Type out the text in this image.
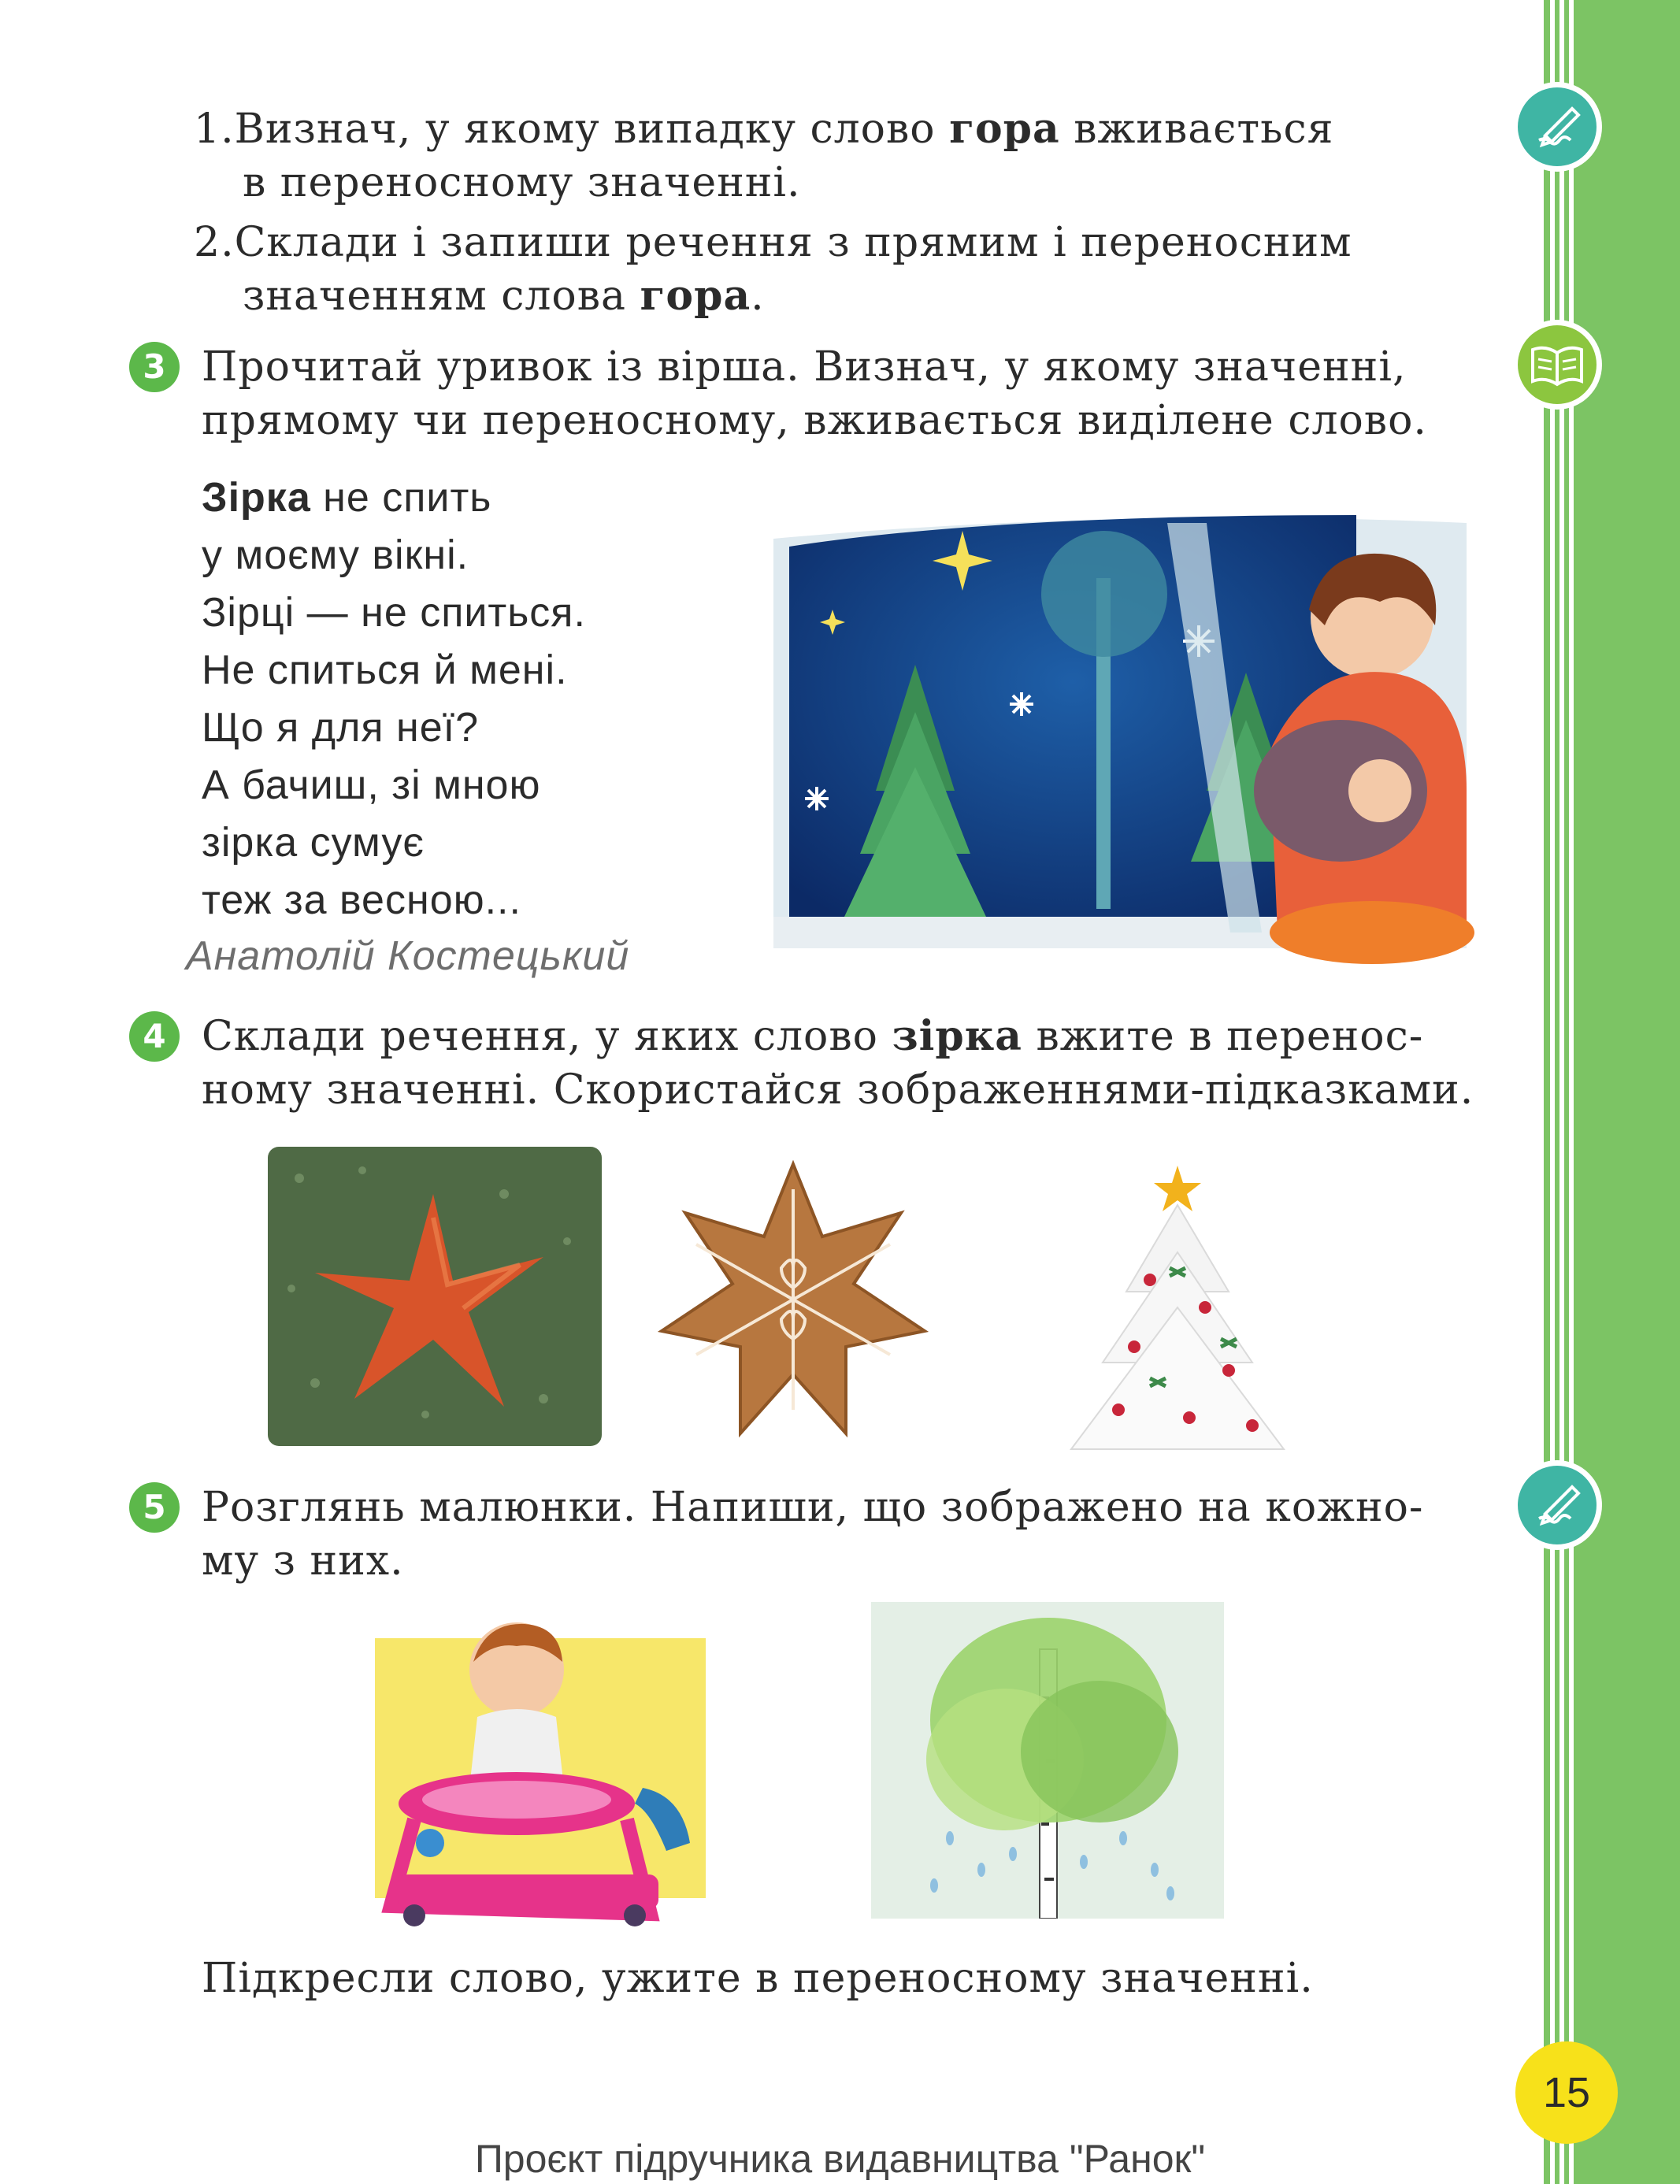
1.Визнач, у якому випадку слово гора вживається
в переносному значенні.
2.Склади і запиши речення з прямим і переносним
значенням слова гора.
3 Прочитай уривок із вірша. Визнач, у якому значенні,
прямому чи переносному, вживається виділене слово.
Зірка не спить
у моєму вікні.
Зірці — не спиться.
Не спиться й мені.
Що я для неї?
А бачиш, зі мною
зірка сумує
теж за весною...
Анатолій Костецький
4 Склади речення, у яких слово зірка вжите в перенос-
ному значенні. Скористайся зображеннями-підказками.
5 Розглянь малюнки. Напиши, що зображено на кожно-
му з них.
Підкресли слово, ужите в переносному значенні.
15
Проєкт підручника видавництва "Ранок"
